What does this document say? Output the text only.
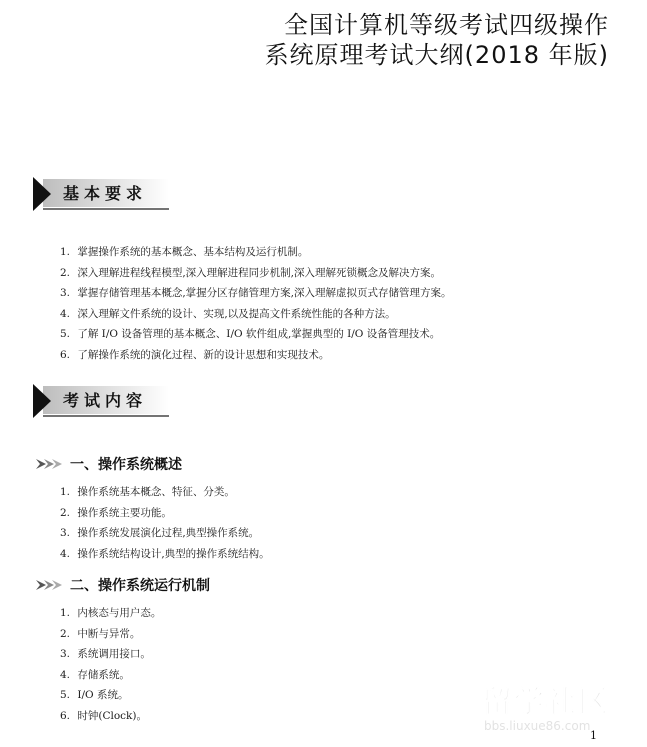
全国计算机等级考试四级操作
系统原理考试大纲(2018 年版)
基本要求
1. 掌握操作系统的基本概念、基本结构及运行机制。
2. 深入理解进程线程模型,深入理解进程同步机制,深入理解死锁概念及解决方案。
3. 掌握存储管理基本概念,掌握分区存储管理方案,深入理解虚拟页式存储管理方案。
4. 深入理解文件系统的设计、实现,以及提高文件系统性能的各种方法。
5. 了解 I/O 设备管理的基本概念、I/O 软件组成,掌握典型的 I/O 设备管理技术。
6. 了解操作系统的演化过程、新的设计思想和实现技术。
考试内容
一、操作系统概述
1. 操作系统基本概念、特征、分类。
2. 操作系统主要功能。
3. 操作系统发展演化过程,典型操作系统。
4. 操作系统结构设计,典型的操作系统结构。
二、操作系统运行机制
1. 内核态与用户态。
2. 中断与异常。
3. 系统调用接口。
4. 存储系统。
5. I/O 系统。
6. 时钟(Clock)。	留学社区
bbs.liuxue86.com
1
